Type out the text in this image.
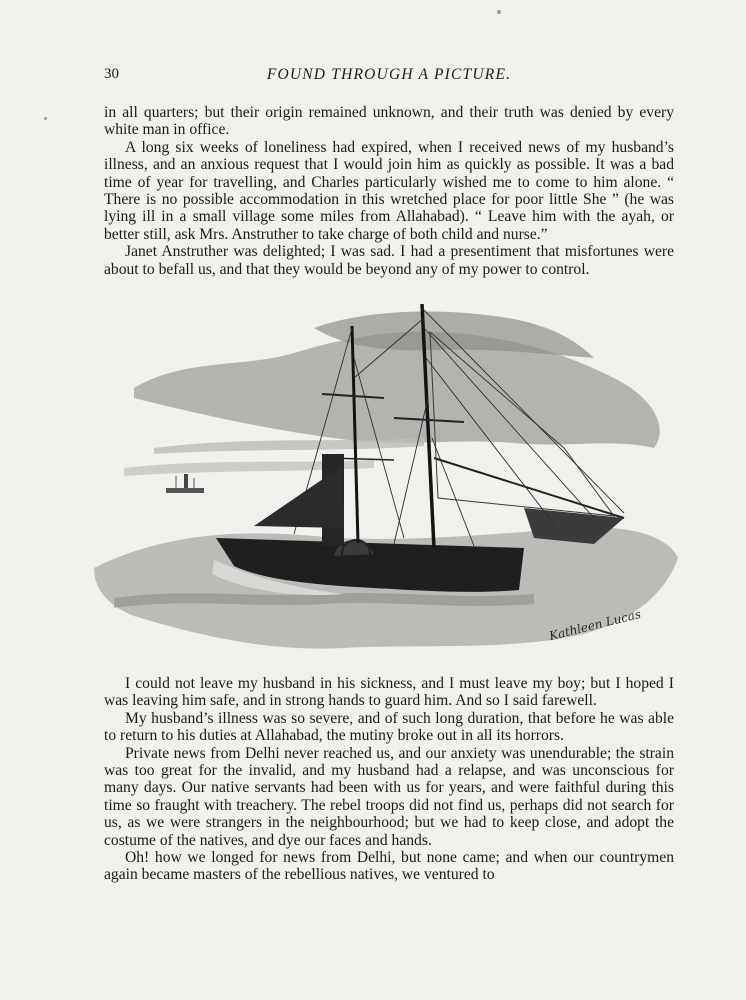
30	FOUND THROUGH A PICTURE.

in all quarters; but their origin remained unknown, and their truth was denied by every white man in office.

A long six weeks of loneliness had expired, when I received news of my husband’s illness, and an anxious request that I would join him as quickly as possible. It was a bad time of year for travelling, and Charles particularly wished me to come to him alone. “ There is no possible accommodation in this wretched place for poor little She ” (he was lying ill in a small village some miles from Allahabad). “ Leave him with the ayah, or better still, ask Mrs. Anstruther to take charge of both child and nurse.”

Janet Anstruther was delighted; I was sad. I had a presentiment that misfortunes were about to befall us, and that they would be beyond any of my power to control.

Kathleen Lucas

I could not leave my husband in his sickness, and I must leave my boy; but I hoped I was leaving him safe, and in strong hands to guard him. And so I said farewell.

My husband’s illness was so severe, and of such long duration, that before he was able to return to his duties at Allahabad, the mutiny broke out in all its horrors.

Private news from Delhi never reached us, and our anxiety was unendurable; the strain was too great for the invalid, and my husband had a relapse, and was unconscious for many days. Our native servants had been with us for years, and were faithful during this time so fraught with treachery. The rebel troops did not find us, perhaps did not search for us, as we were strangers in the neighbourhood; but we had to keep close, and adopt the costume of the natives, and dye our faces and hands.

Oh! how we longed for news from Delhi, but none came; and when our countrymen again became masters of the rebellious natives, we ventured to
